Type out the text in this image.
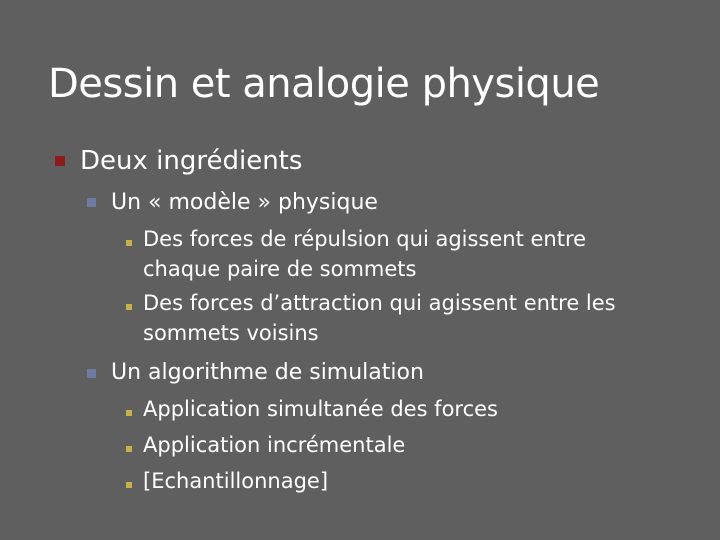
Dessin et analogie physique
Deux ingrédients
Un « modèle » physique
Des forces de répulsion qui agissent entre
chaque paire de sommets
Des forces d’attraction qui agissent entre les
sommets voisins
Un algorithme de simulation
Application simultanée des forces
Application incrémentale
[Echantillonnage]
